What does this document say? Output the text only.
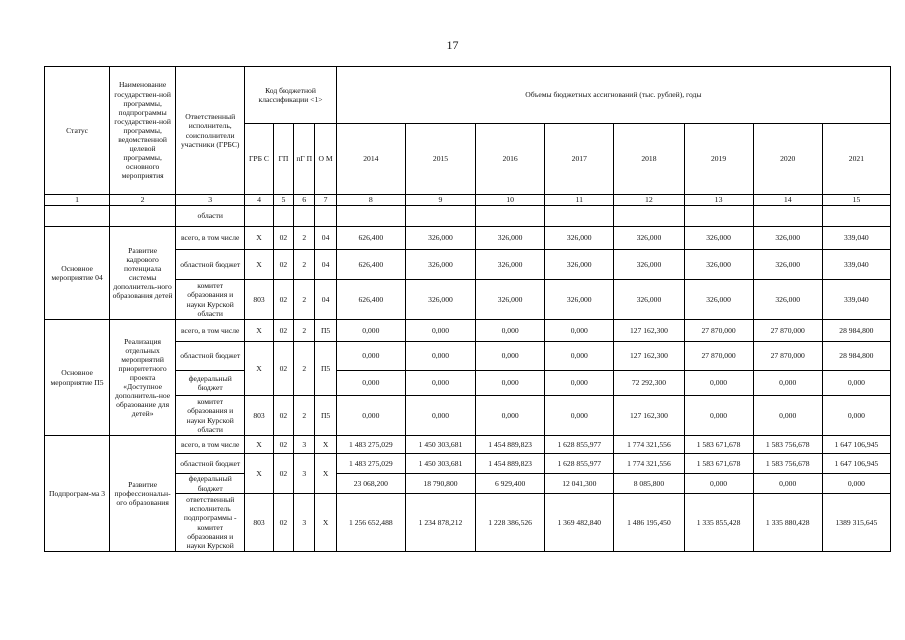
17
Статус	Наименование государствен-ной программы, подпрограммы государствен-ной программы, ведомственной целевой программы, основного мероприятия	Ответственный исполнитель, соисполнители участники (ГРБС)	Код бюджетной классификации <1>				Объемы бюджетных ассигнований (тыс. рублей), годы							
			ГРБ С	ГП	пГ П	О М	2014	2015	2016	2017	2018	2019	2020	2021
1	2	3	4	5	6	7	8	9	10	11	12	13	14	15
		области												
Основное мероприятие 04	Развитие кадрового потенциала системы дополнитель-ного образования детей	всего, в том числе	Х	02	2	04	626,400	326,000	326,000	326,000	326,000	326,000	326,000	339,040
		областной бюджет	Х	02	2	04	626,400	326,000	326,000	326,000	326,000	326,000	326,000	339,040
		комитет образования и науки Курской области	803	02	2	04	626,400	326,000	326,000	326,000	326,000	326,000	326,000	339,040
Основное мероприятие П5	Реализация отдельных мероприятий приоритетного проекта «Доступное дополнитель-ное образование для детей»	всего, в том числе	Х	02	2	П5	0,000	0,000	0,000	0,000	127 162,300	27 870,000	27 870,000	28 984,800
		областной бюджет	Х	02	2	П5	0,000	0,000	0,000	0,000	127 162,300	27 870,000	27 870,000	28 984,800
		федеральный бюджет					0,000	0,000	0,000	0,000	72 292,300	0,000	0,000	0,000
		комитет образования и науки Курской области	803	02	2	П5	0,000	0,000	0,000	0,000	127 162,300	0,000	0,000	0,000
Подпрограм-ма 3	Развитие профессиональн-ого образования	всего, в том числе	Х	02	3	Х	1 483 275,029	1 450 303,681	1 454 889,823	1 628 855,977	1 774 321,556	1 583 671,678	1 583 756,678	1 647 106,945
		областной бюджет	Х	02	3	Х	1 483 275,029	1 450 303,681	1 454 889,823	1 628 855,977	1 774 321,556	1 583 671,678	1 583 756,678	1 647 106,945
		федеральный бюджет					23 068,200	18 790,800	6 929,400	12 041,300	8 085,800	0,000	0,000	0,000
		ответственный исполнитель подпрограммы - комитет образования и науки Курской	803	02	3	Х	1 256 652,488	1 234 878,212	1 228 386,526	1 369 482,840	1 486 195,450	1 335 855,428	1 335 880,428	1389 315,645
